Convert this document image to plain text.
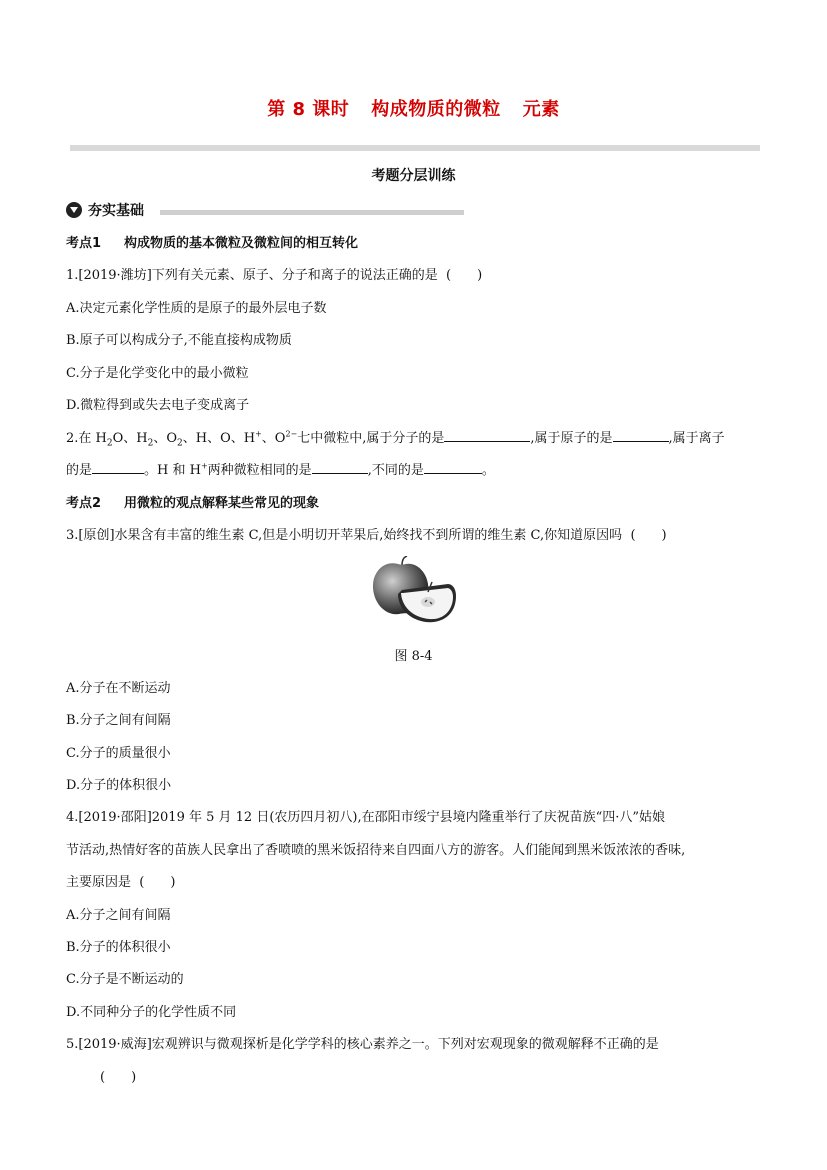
第 8 课时 构成物质的微粒 元素
考题分层训练
夯实基础
考点1 构成物质的基本微粒及微粒间的相互转化
1.[2019·潍坊]下列有关元素、原子、分子和离子的说法正确的是 (　　)
A.决定元素化学性质的是原子的最外层电子数
B.原子可以构成分子,不能直接构成物质
C.分子是化学变化中的最小微粒
D.微粒得到或失去电子变成离子
2.在 $H_2O$、$H_2$、$O_2$、H、O、H+、$O^{2-}$七中微粒中,属于分子的是	,属于原子的是	,属于离子
的是	。H 和 H+两种微粒相同的是	,不同的是	。
考点2 用微粒的观点解释某些常见的现象
3.[原创]水果含有丰富的维生素 C,但是小明切开苹果后,始终找不到所谓的维生素 C,你知道原因吗 (　　)
图 8-4
A.分子在不断运动
B.分子之间有间隔
C.分子的质量很小
D.分子的体积很小
4.[2019·邵阳]2019 年 5 月 12 日(农历四月初八),在邵阳市绥宁县境内隆重举行了庆祝苗族“四·八”姑娘
节活动,热情好客的苗族人民拿出了香喷喷的黑米饭招待来自四面八方的游客。人们能闻到黑米饭浓浓的香味,
主要原因是 (　　)
A.分子之间有间隔
B.分子的体积很小
C.分子是不断运动的
D.不同种分子的化学性质不同
5.[2019·威海]宏观辨识与微观探析是化学学科的核心素养之一。下列对宏观现象的微观解释不正确的是
(　　)
